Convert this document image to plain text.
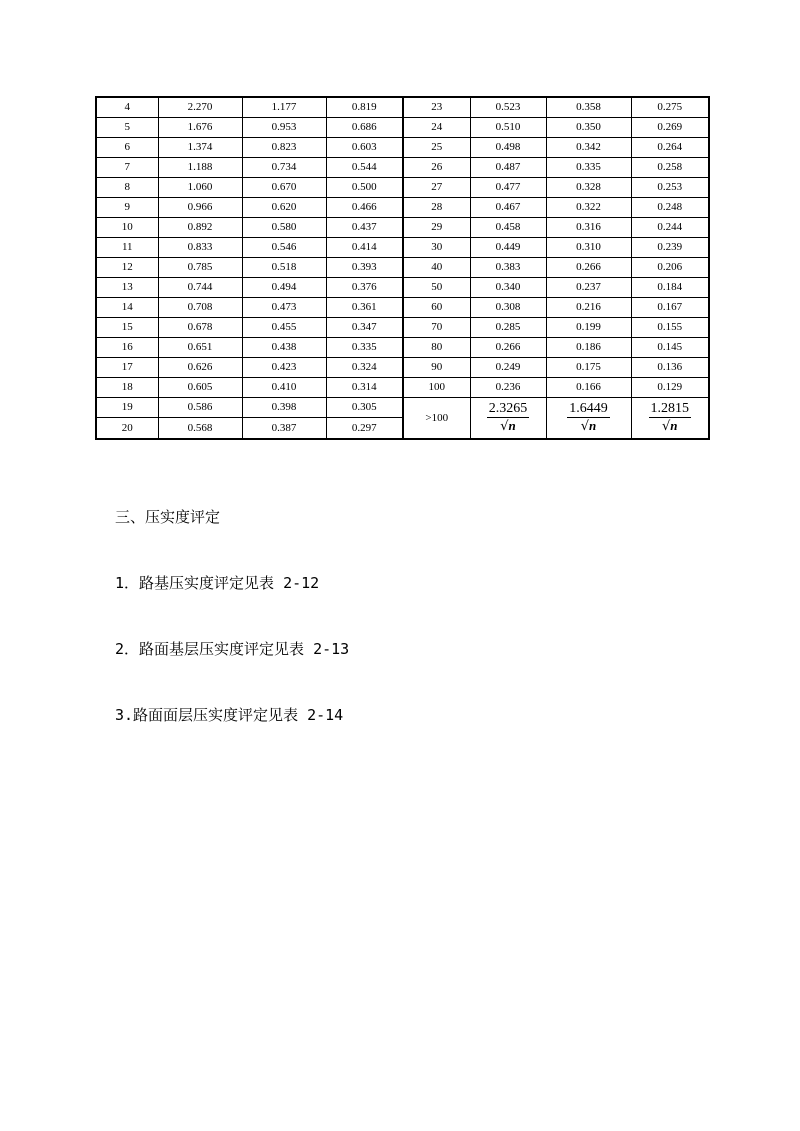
4	2.270	1.177	0.819	23	0.523	0.358	0.275
5	1.676	0.953	0.686	24	0.510	0.350	0.269
6	1.374	0.823	0.603	25	0.498	0.342	0.264
7	1.188	0.734	0.544	26	0.487	0.335	0.258
8	1.060	0.670	0.500	27	0.477	0.328	0.253
9	0.966	0.620	0.466	28	0.467	0.322	0.248
10	0.892	0.580	0.437	29	0.458	0.316	0.244
11	0.833	0.546	0.414	30	0.449	0.310	0.239
12	0.785	0.518	0.393	40	0.383	0.266	0.206
13	0.744	0.494	0.376	50	0.340	0.237	0.184
14	0.708	0.473	0.361	60	0.308	0.216	0.167
15	0.678	0.455	0.347	70	0.285	0.199	0.155
16	0.651	0.438	0.335	80	0.266	0.186	0.145
17	0.626	0.423	0.324	90	0.249	0.175	0.136
18	0.605	0.410	0.314	100	0.236	0.166	0.129
19	0.586	0.398	0.305	>100	$\frac{2.3265}{√n}$	$\frac{1.6449}{√n}$	$\frac{1.2815}{√n}$

20	0.568	0.387	0.297				

三、压实度评定

1．路基压实度评定见表 2-12

2．路面基层压实度评定见表 2-13

3.路面面层压实度评定见表 2-14
